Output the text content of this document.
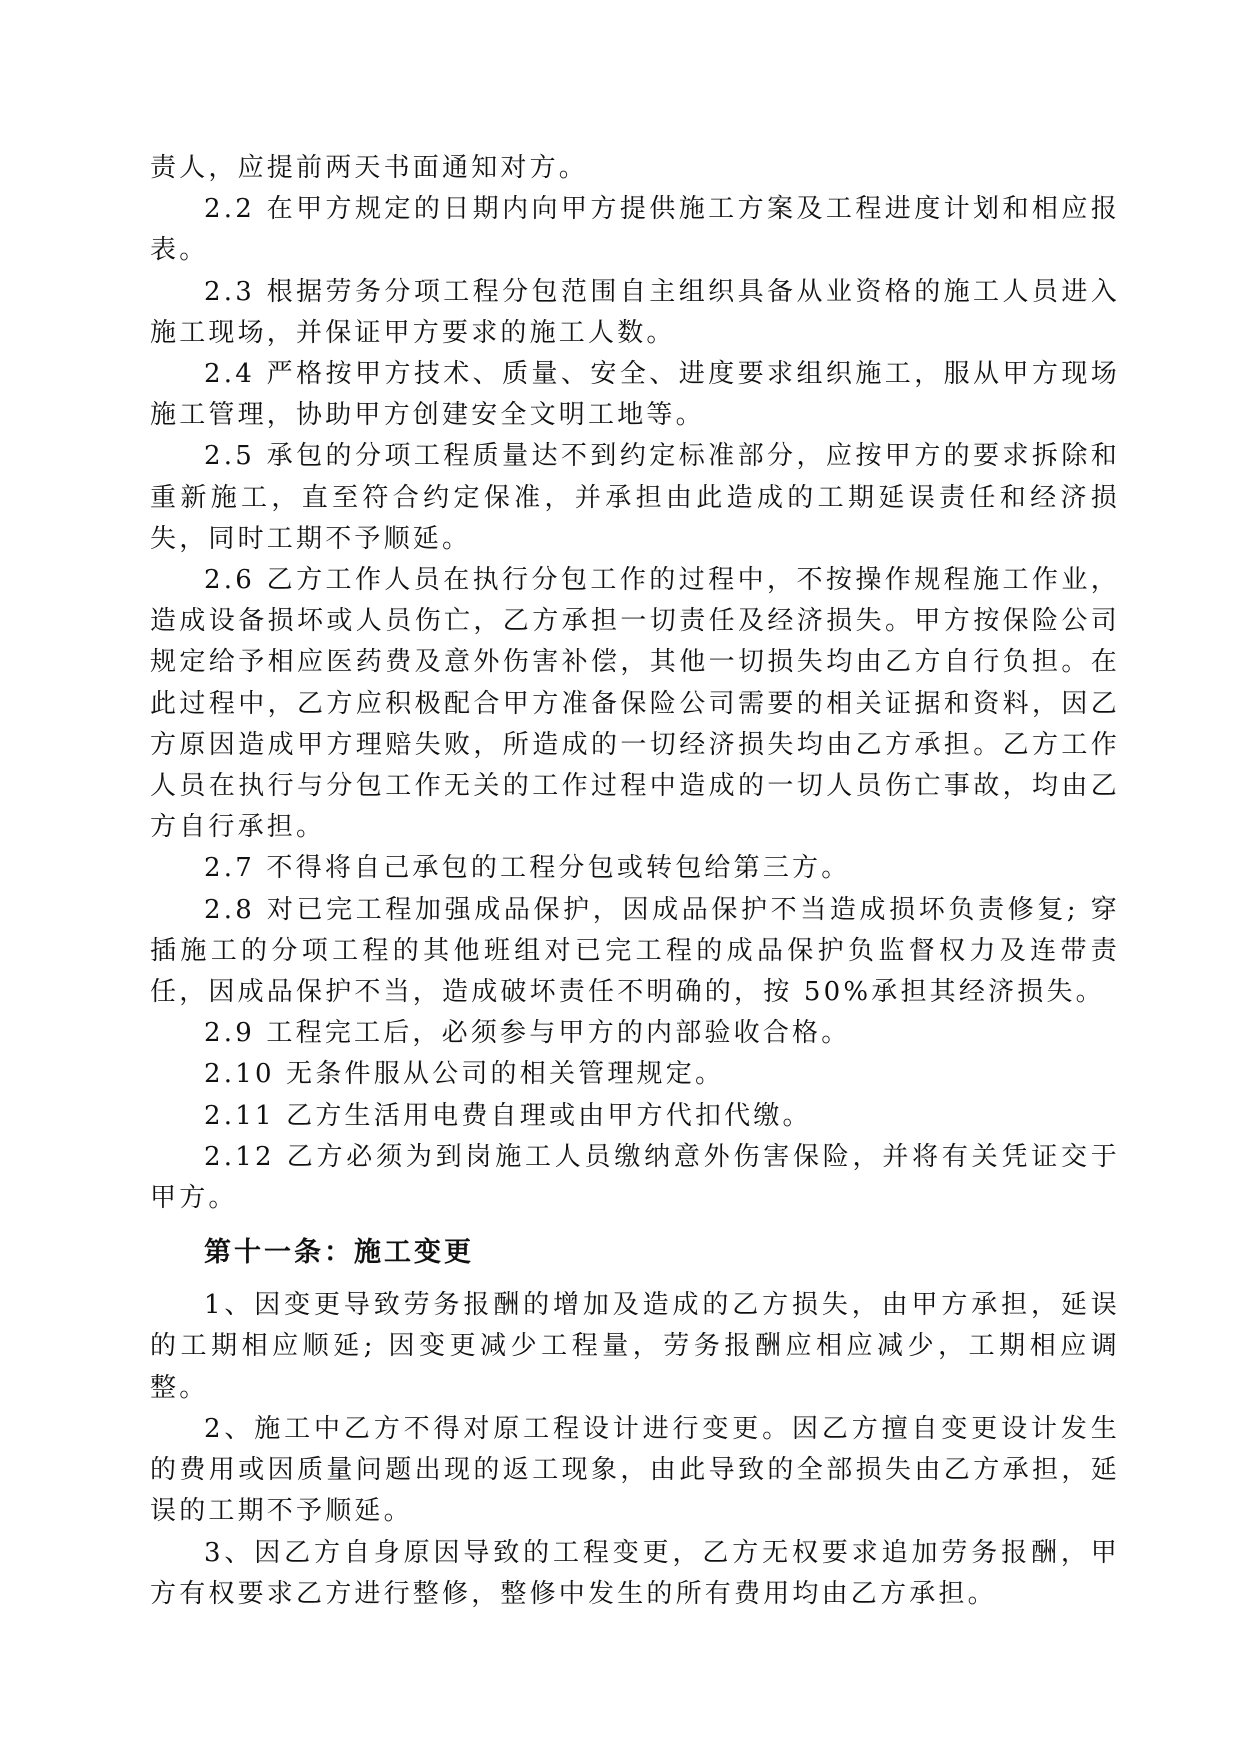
责人，应提前两天书面通知对方。

2.2 在甲方规定的日期内向甲方提供施工方案及工程进度计划和相应报表。

2.3 根据劳务分项工程分包范围自主组织具备从业资格的施工人员进入施工现场，并保证甲方要求的施工人数。

2.4 严格按甲方技术、质量、安全、进度要求组织施工，服从甲方现场施工管理，协助甲方创建安全文明工地等。

2.5 承包的分项工程质量达不到约定标准部分，应按甲方的要求拆除和重新施工，直至符合约定保准，并承担由此造成的工期延误责任和经济损失，同时工期不予顺延。

2.6 乙方工作人员在执行分包工作的过程中，不按操作规程施工作业，造成设备损坏或人员伤亡，乙方承担一切责任及经济损失。甲方按保险公司规定给予相应医药费及意外伤害补偿，其他一切损失均由乙方自行负担。在此过程中，乙方应积极配合甲方准备保险公司需要的相关证据和资料，因乙方原因造成甲方理赔失败，所造成的一切经济损失均由乙方承担。乙方工作人员在执行与分包工作无关的工作过程中造成的一切人员伤亡事故，均由乙方自行承担。

2.7 不得将自己承包的工程分包或转包给第三方。

2.8 对已完工程加强成品保护，因成品保护不当造成损坏负责修复; 穿插施工的分项工程的其他班组对已完工程的成品保护负监督权力及连带责任，因成品保护不当，造成破坏责任不明确的，按 50%承担其经济损失。

2.9 工程完工后，必须参与甲方的内部验收合格。

2.10 无条件服从公司的相关管理规定。

2.11 乙方生活用电费自理或由甲方代扣代缴。

2.12 乙方必须为到岗施工人员缴纳意外伤害保险，并将有关凭证交于甲方。

第十一条：施工变更

1、因变更导致劳务报酬的增加及造成的乙方损失，由甲方承担，延误的工期相应顺延; 因变更减少工程量，劳务报酬应相应减少，工期相应调整。

2、施工中乙方不得对原工程设计进行变更。因乙方擅自变更设计发生的费用或因质量问题出现的返工现象，由此导致的全部损失由乙方承担，延误的工期不予顺延。

3、因乙方自身原因导致的工程变更，乙方无权要求追加劳务报酬，甲方有权要求乙方进行整修，整修中发生的所有费用均由乙方承担。
